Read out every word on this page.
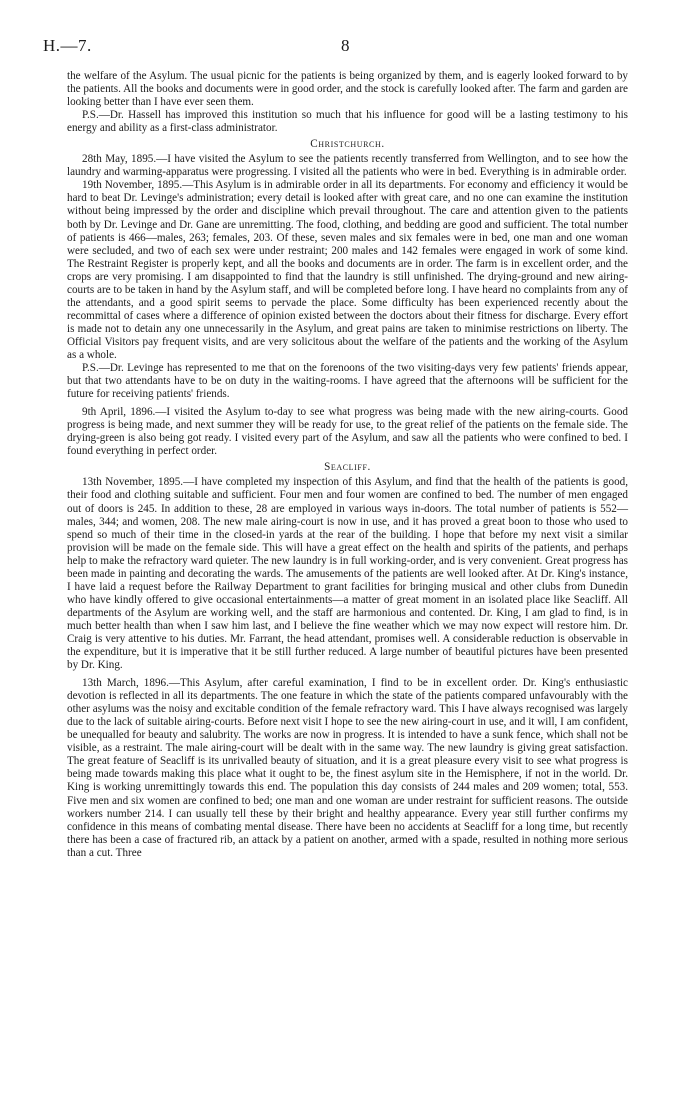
H.—7.	8

the welfare of the Asylum. The usual picnic for the patients is being organized by them, and is eagerly looked forward to by the patients. All the books and documents were in good order, and the stock is carefully looked after. The farm and garden are looking better than I have ever seen them.

P.S.—Dr. Hassell has improved this institution so much that his influence for good will be a lasting testimony to his energy and ability as a first-class administrator.

Christchurch.

28th May, 1895.—I have visited the Asylum to see the patients recently transferred from Wellington, and to see how the laundry and warming-apparatus were progressing. I visited all the patients who were in bed. Everything is in admirable order.

19th November, 1895.—This Asylum is in admirable order in all its departments. For economy and efficiency it would be hard to beat Dr. Levinge's administration; every detail is looked after with great care, and no one can examine the institution without being impressed by the order and discipline which prevail throughout. The care and attention given to the patients both by Dr. Levinge and Dr. Gane are unremitting. The food, clothing, and bedding are good and sufficient. The total number of patients is 466—males, 263; females, 203. Of these, seven males and six females were in bed, one man and one woman were secluded, and two of each sex were under restraint; 200 males and 142 females were engaged in work of some kind. The Restraint Register is properly kept, and all the books and documents are in order. The farm is in excellent order, and the crops are very promising. I am disappointed to find that the laundry is still unfinished. The drying-ground and new airing-courts are to be taken in hand by the Asylum staff, and will be completed before long. I have heard no complaints from any of the attendants, and a good spirit seems to pervade the place. Some difficulty has been experienced recently about the recommittal of cases where a difference of opinion existed between the doctors about their fitness for discharge. Every effort is made not to detain any one unnecessarily in the Asylum, and great pains are taken to minimise restrictions on liberty. The Official Visitors pay frequent visits, and are very solicitous about the welfare of the patients and the working of the Asylum as a whole.

P.S.—Dr. Levinge has represented to me that on the forenoons of the two visiting-days very few patients' friends appear, but that two attendants have to be on duty in the waiting-rooms. I have agreed that the afternoons will be sufficient for the future for receiving patients' friends.

9th April, 1896.—I visited the Asylum to-day to see what progress was being made with the new airing-courts. Good progress is being made, and next summer they will be ready for use, to the great relief of the patients on the female side. The drying-green is also being got ready. I visited every part of the Asylum, and saw all the patients who were confined to bed. I found everything in perfect order.

Seacliff.

13th November, 1895.—I have completed my inspection of this Asylum, and find that the health of the patients is good, their food and clothing suitable and sufficient. Four men and four women are confined to bed. The number of men engaged out of doors is 245. In addition to these, 28 are employed in various ways in-doors. The total number of patients is 552—males, 344; and women, 208. The new male airing-court is now in use, and it has proved a great boon to those who used to spend so much of their time in the closed-in yards at the rear of the building. I hope that before my next visit a similar provision will be made on the female side. This will have a great effect on the health and spirits of the patients, and perhaps help to make the refractory ward quieter. The new laundry is in full working-order, and is very convenient. Great progress has been made in painting and decorating the wards. The amusements of the patients are well looked after. At Dr. King's instance, I have laid a request before the Railway Department to grant facilities for bringing musical and other clubs from Dunedin who have kindly offered to give occasional entertainments—a matter of great moment in an isolated place like Seacliff. All departments of the Asylum are working well, and the staff are harmonious and contented. Dr. King, I am glad to find, is in much better health than when I saw him last, and I believe the fine weather which we may now expect will restore him. Dr. Craig is very attentive to his duties. Mr. Farrant, the head attendant, promises well. A considerable reduction is observable in the expenditure, but it is imperative that it be still further reduced. A large number of beautiful pictures have been presented by Dr. King.

13th March, 1896.—This Asylum, after careful examination, I find to be in excellent order. Dr. King's enthusiastic devotion is reflected in all its departments. The one feature in which the state of the patients compared unfavourably with the other asylums was the noisy and excitable condition of the female refractory ward. This I have always recognised was largely due to the lack of suitable airing-courts. Before next visit I hope to see the new airing-court in use, and it will, I am confident, be unequalled for beauty and salubrity. The works are now in progress. It is intended to have a sunk fence, which shall not be visible, as a restraint. The male airing-court will be dealt with in the same way. The new laundry is giving great satisfaction. The great feature of Seacliff is its unrivalled beauty of situation, and it is a great pleasure every visit to see what progress is being made towards making this place what it ought to be, the finest asylum site in the Hemisphere, if not in the world. Dr. King is working unremittingly towards this end. The population this day consists of 244 males and 209 women; total, 553. Five men and six women are confined to bed; one man and one woman are under restraint for sufficient reasons. The outside workers number 214. I can usually tell these by their bright and healthy appearance. Every year still further confirms my confidence in this means of combating mental disease. There have been no accidents at Seacliff for a long time, but recently there has been a case of fractured rib, an attack by a patient on another, armed with a spade, resulted in nothing more serious than a cut. Three
